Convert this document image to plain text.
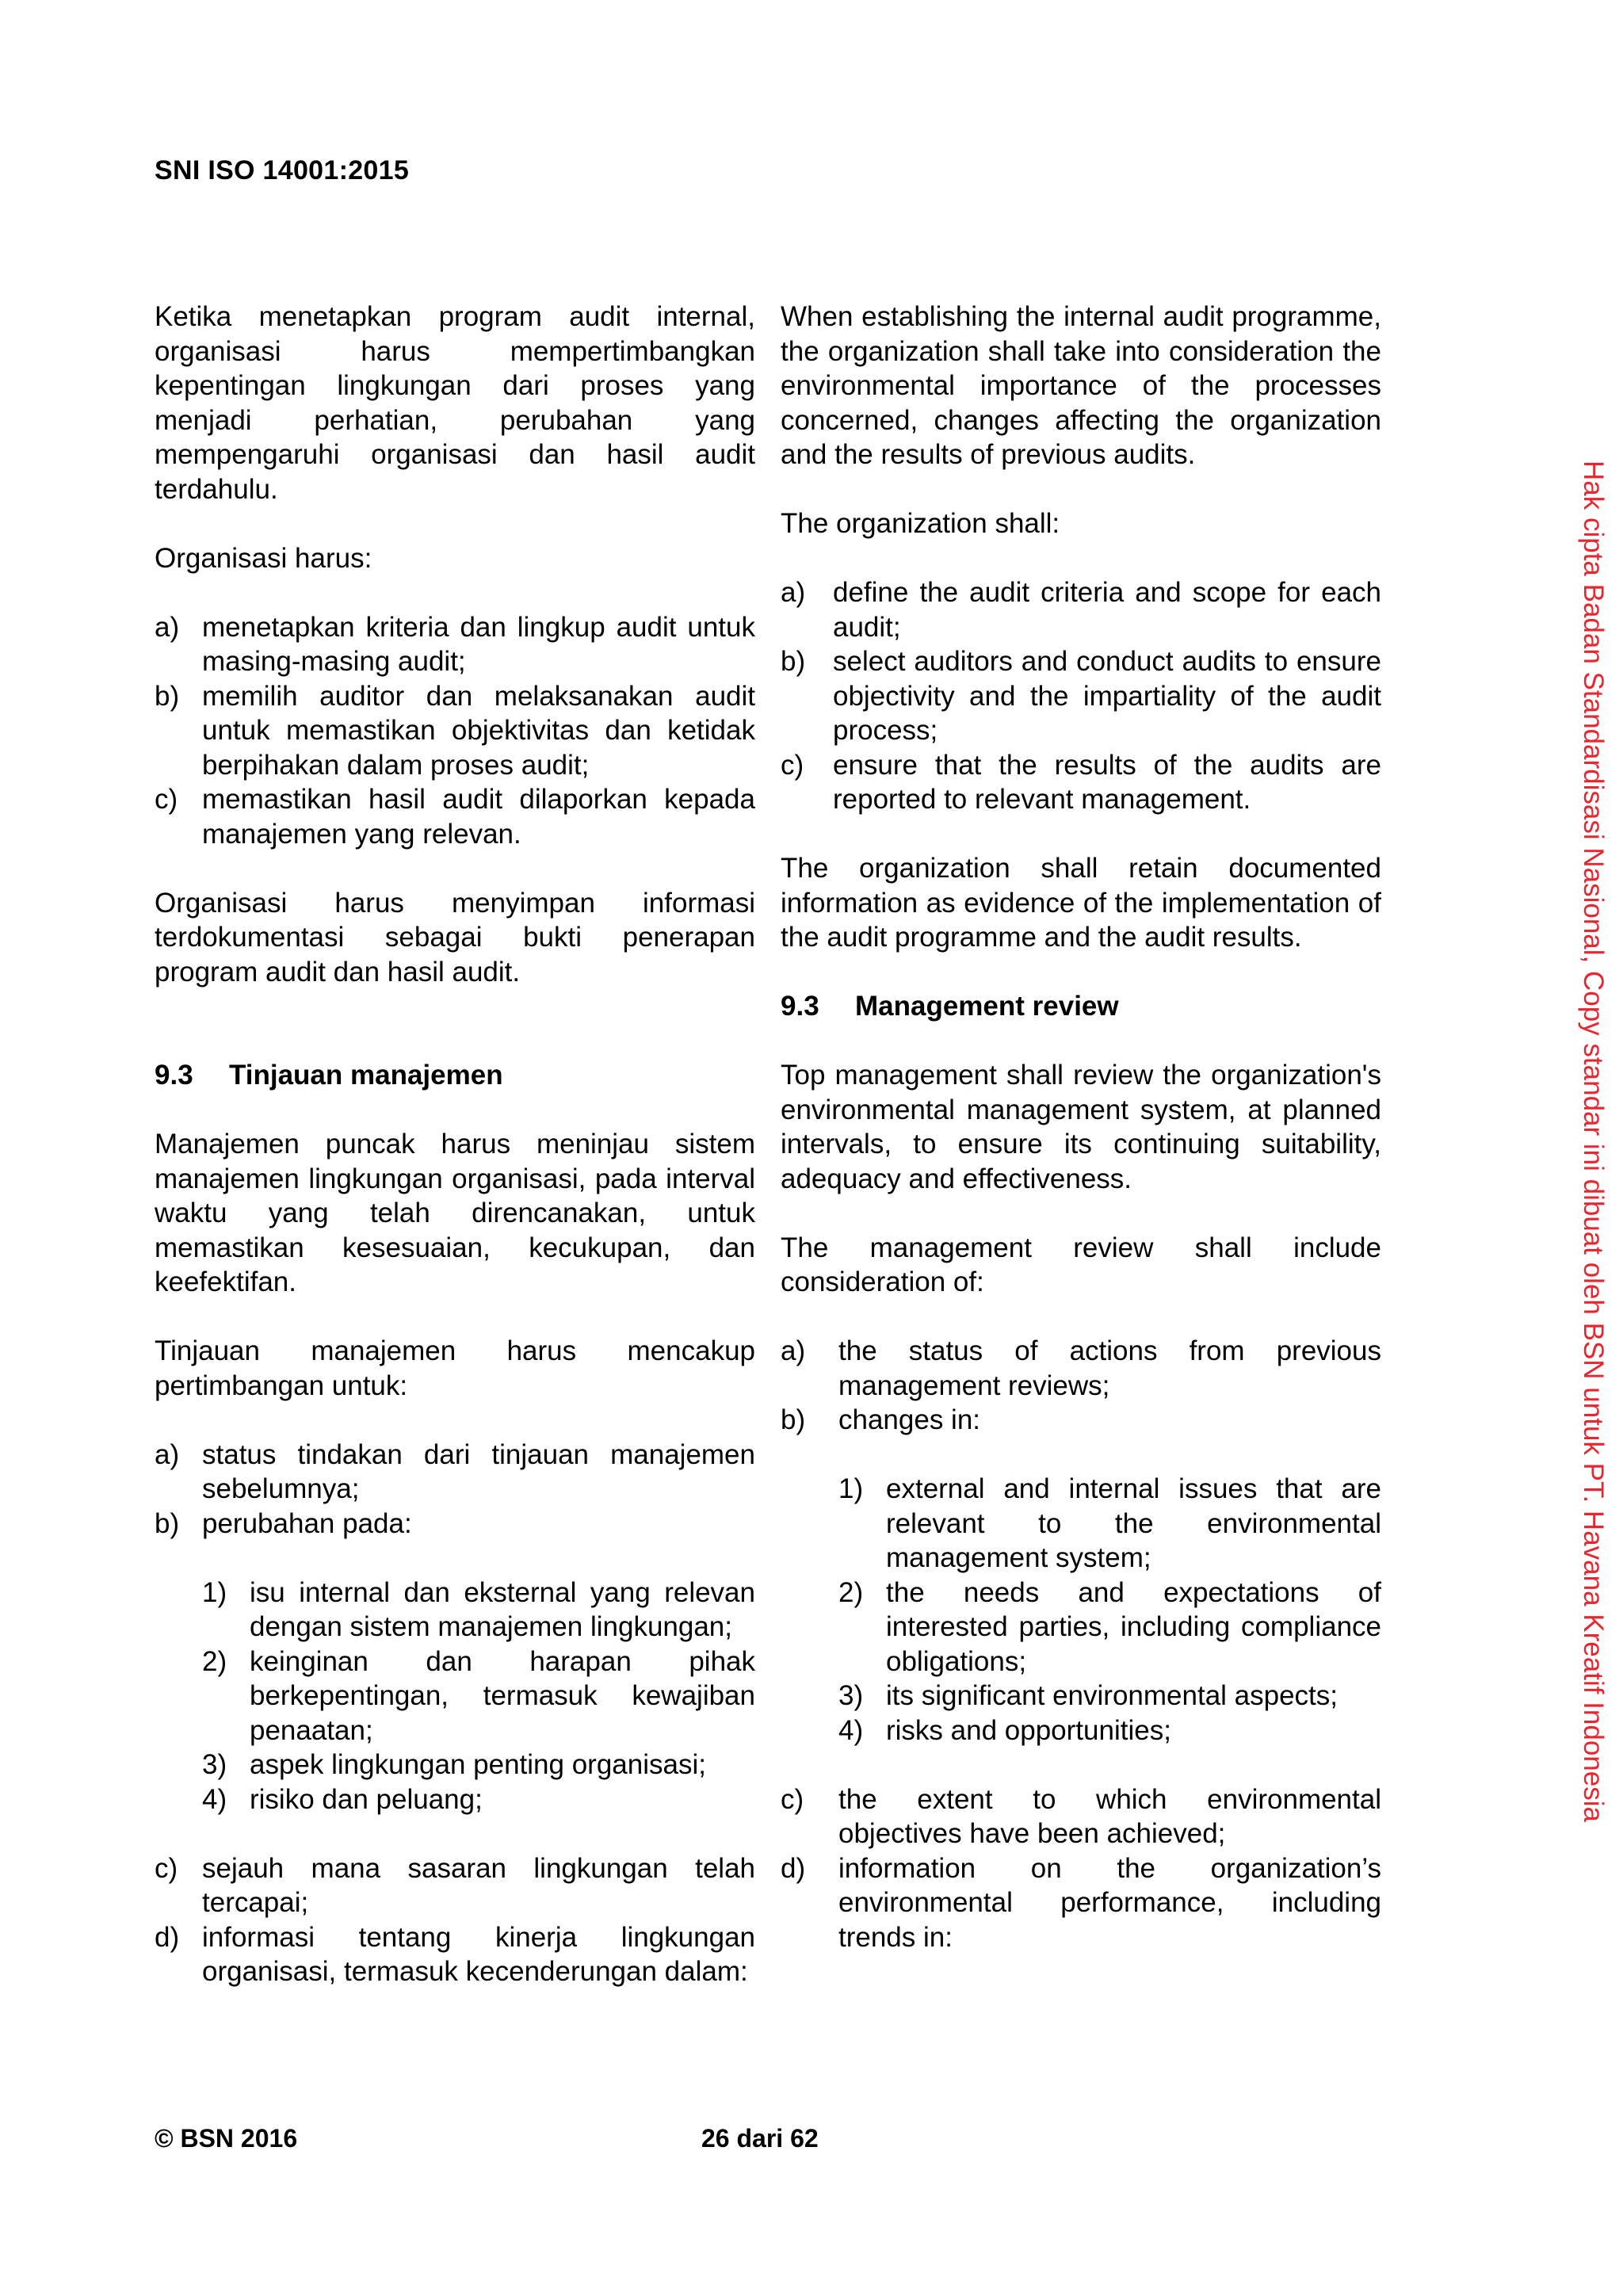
SNI ISO 14001:2015

Ketika menetapkan program audit internal, organisasi harus mempertimbangkan kepentingan lingkungan dari proses yang menjadi perhatian, perubahan yang mempengaruhi organisasi dan hasil audit terdahulu.

Organisasi harus:

a) menetapkan kriteria dan lingkup audit untuk masing-masing audit;
b) memilih auditor dan melaksanakan audit untuk memastikan objektivitas dan ketidak berpihakan dalam proses audit;
c) memastikan hasil audit dilaporkan kepada manajemen yang relevan.

Organisasi harus menyimpan informasi terdokumentasi sebagai bukti penerapan program audit dan hasil audit.

9.3	Tinjauan manajemen

Manajemen puncak harus meninjau sistem manajemen lingkungan organisasi, pada interval waktu yang telah direncanakan, untuk memastikan kesesuaian, kecukupan, dan keefektifan.

Tinjauan manajemen harus mencakup pertimbangan untuk:

a) status tindakan dari tinjauan manajemen sebelumnya;
b) perubahan pada:
1) isu internal dan eksternal yang relevan dengan sistem manajemen lingkungan;
2) keinginan dan harapan pihak berkepentingan, termasuk kewajiban penaatan;
3) aspek lingkungan penting organisasi;
4) risiko dan peluang;
c) sejauh mana sasaran lingkungan telah tercapai;
d) informasi tentang kinerja lingkungan organisasi, termasuk kecenderungan dalam:

When establishing the internal audit programme, the organization shall take into consideration the environmental importance of the processes concerned, changes affecting the organization and the results of previous audits.

The organization shall:

a) define the audit criteria and scope for each audit;
b) select auditors and conduct audits to ensure objectivity and the impartiality of the audit process;
c)	ensure that the results of the audits are reported to relevant management.

The organization shall retain documented information as evidence of the implementation of the audit programme and the audit results.

9.3	Management review

Top management shall review the organization's environmental management system, at planned intervals, to ensure its continuing suitability, adequacy and effectiveness.

The management review shall include consideration of:

a)	the status of actions from previous management reviews;
b)	changes in:
1) external and internal issues that are relevant to the environmental management system;
2) the needs and expectations of interested parties, including compliance obligations;
3) its significant environmental aspects;
4) risks and opportunities;
c)	the extent to which environmental objectives have been achieved;
d)	information on the organization’s environmental performance, including trends in:
Hak cipta Badan Standardisasi Nasional, Copy standar ini dibuat oleh BSN untuk PT. Havana Kreatif Indonesia
© BSN 2016	26 dari 62
